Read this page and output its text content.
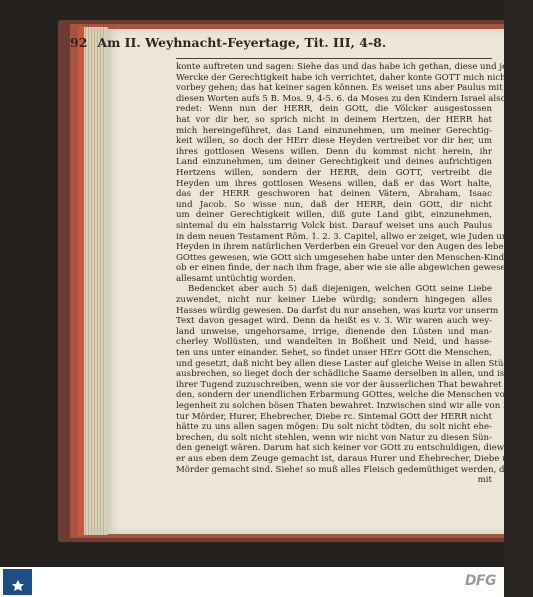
92 Am II. Weyhnacht-Feyertage, Tit. III, 4-8.
konte auftreten und sagen: Siehe das und das habe ich gethan, diese und jene
Wercke der Gerechtigkeit habe ich verrichtet, daher konte GOTT mich nicht
vorbey gehen; das hat keiner sagen können. Es weiset uns aber Paulus mit
diesen Worten aufs 5 B. Mos. 9, 4-5. 6. da Moses zu den Kindern Israel also
redet: Wenn nun der HERR, dein GOtt, die Völcker ausgestossen
hat vor dir her, so sprich nicht in deinem Hertzen, der HERR hat
mich hereingeführet, das Land einzunehmen, um meiner Gerechtig-
keit willen, so doch der HErr diese Heyden vertreibet vor dir her, um
ihres gottlosen Wesens willen. Denn du kommst nicht herein, ihr
Land einzunehmen, um deiner Gerechtigkeit und deines aufrichtigen
Hertzens willen, sondern der HERR, dein GOTT, vertreibt die
Heyden um ihres gottlosen Wesens willen, daß er das Wort halte,
das der HERR geschworen hat deinen Vätern, Abraham, Isaac
und Jacob. So wisse nun, daß der HERR, dein GOtt, dir nicht
um deiner Gerechtigkeit willen, diß gute Land gibt, einzunehmen,
sintemal du ein halsstarrig Volck bist. Darauf weiset uns auch Paulus
in dem neuen Testament Röm. 1. 2. 3. Capitel, allwo er zeiget, wie Juden und
Heyden in ihrem natürlichen Verderben ein Greuel vor den Augen des lebendigen
GOttes gewesen, wie GOtt sich umgesehen habe unter den Menschen-Kindern,
ob er einen finde, der nach ihm frage, aber wie sie alle abgewichen gewesen und
allesamt untüchtig worden.
Bedencket aber auch 5) daß diejenigen, welchen GOtt seine Liebe
zuwendet, nicht nur keiner Liebe würdig; sondern hingegen alles
Hasses würdig gewesen. Da darfst du nur ansehen, was kurtz vor unserm
Text davon gesaget wird. Denn da heißt es v. 3. Wir waren auch wey-
land unweise, ungehorsame, irrige, dienende den Lüsten und man-
cherley Wollüsten, und wandelten in Boßheit und Neid, und hasse-
ten uns unter einander. Sehet, so findet unser HErr GOtt die Menschen,
und gesetzt, daß nicht bey allen diese Laster auf gleiche Weise in allen Stücken
ausbrechen, so lieget doch der schädliche Saame derselben in allen, und ist nicht
ihrer Tugend zuzuschreiben, wenn sie vor der äusserlichen That bewahret wer-
den, sondern der unendlichen Erbarmung GOttes, welche die Menschen vor Ge-
legenheit zu solchen bösen Thaten bewahret. Inzwischen sind wir alle von Na-
tur Mörder, Hurer, Ehebrecher, Diebe rc. Sintemal GOtt der HERR nicht
hätte zu uns allen sagen mögen: Du solt nicht tödten, du solt nicht ehe-
brechen, du solt nicht stehlen, wenn wir nicht von Natur zu diesen Sün-
den geneigt wären. Darum hat sich keiner vor GOtt zu entschuldigen, dieweil
er aus eben dem Zeuge gemacht ist, daraus Hurer und Ehebrecher, Diebe und
Mörder gemacht sind. Siehe! so muß alles Fleisch gedemüthiget werden, da-
mit
DFG
